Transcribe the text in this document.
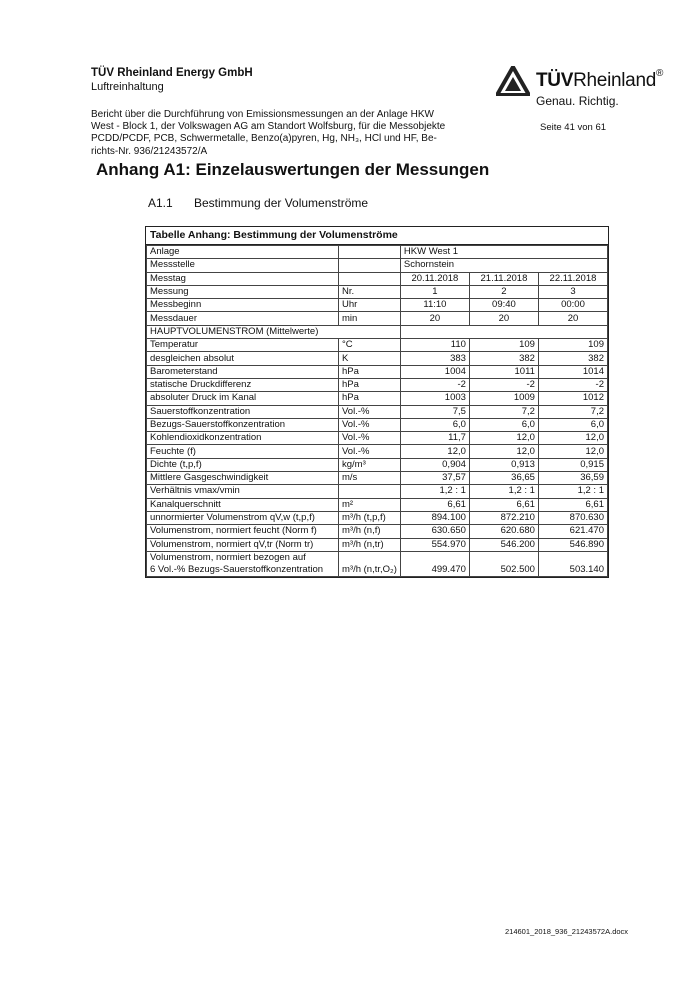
TÜV Rheinland Energy GmbH
Luftreinhaltung
Bericht über die Durchführung von Emissionsmessungen an der Anlage HKW
West - Block 1, der Volkswagen AG am Standort Wolfsburg, für die Messobjekte
PCDD/PCDF, PCB, Schwermetalle, Benzo(a)pyren, Hg, NH₃, HCl und HF, Be-
richts-Nr. 936/21243572/A
TÜVRheinland®
Genau. Richtig.
Seite 41 von 61
Anhang A1: Einzelauswertungen der Messungen
A1.1 Bestimmung der Volumenströme
Tabelle Anhang: Bestimmung der Volumenströme
Anlage		HKW West 1		
Messstelle		Schornstein		
Messtag		20.11.2018	21.11.2018	22.11.2018
Messung	Nr.	1	2	3
Messbeginn	Uhr	11:10	09:40	00:00
Messdauer	min	20	20	20
HAUPTVOLUMENSTROM (Mittelwerte)				
Temperatur	°C	110	109	109
desgleichen absolut	K	383	382	382
Barometerstand	hPa	1004	1011	1014
statische Druckdifferenz	hPa	-2	-2	-2
absoluter Druck im Kanal	hPa	1003	1009	1012
Sauerstoffkonzentration	Vol.-%	7,5	7,2	7,2
Bezugs-Sauerstoffkonzentration	Vol.-%	6,0	6,0	6,0
Kohlendioxidkonzentration	Vol.-%	11,7	12,0	12,0
Feuchte (f)	Vol.-%	12,0	12,0	12,0
Dichte (t,p,f)	kg/m³	0,904	0,913	0,915
Mittlere Gasgeschwindigkeit	m/s	37,57	36,65	36,59
Verhältnis vmax/vmin		1,2 : 1	1,2 : 1	1,2 : 1
Kanalquerschnitt	m²	6,61	6,61	6,61
unnormierter Volumenstrom qV,w (t,p,f)	m³/h (t,p,f)	894.100	872.210	870.630
Volumenstrom, normiert feucht (Norm f)	m³/h (n,f)	630.650	620.680	621.470
Volumenstrom, normiert qV,tr (Norm tr)	m³/h (n,tr)	554.970	546.200	546.890

Volumenstrom, normiert bezogen auf
6 Vol.-% Bezugs-Sauerstoffkonzentration	m³/h (n,tr,O₂)	499.470	502.500	503.140
214601_2018_936_21243572A.docx
